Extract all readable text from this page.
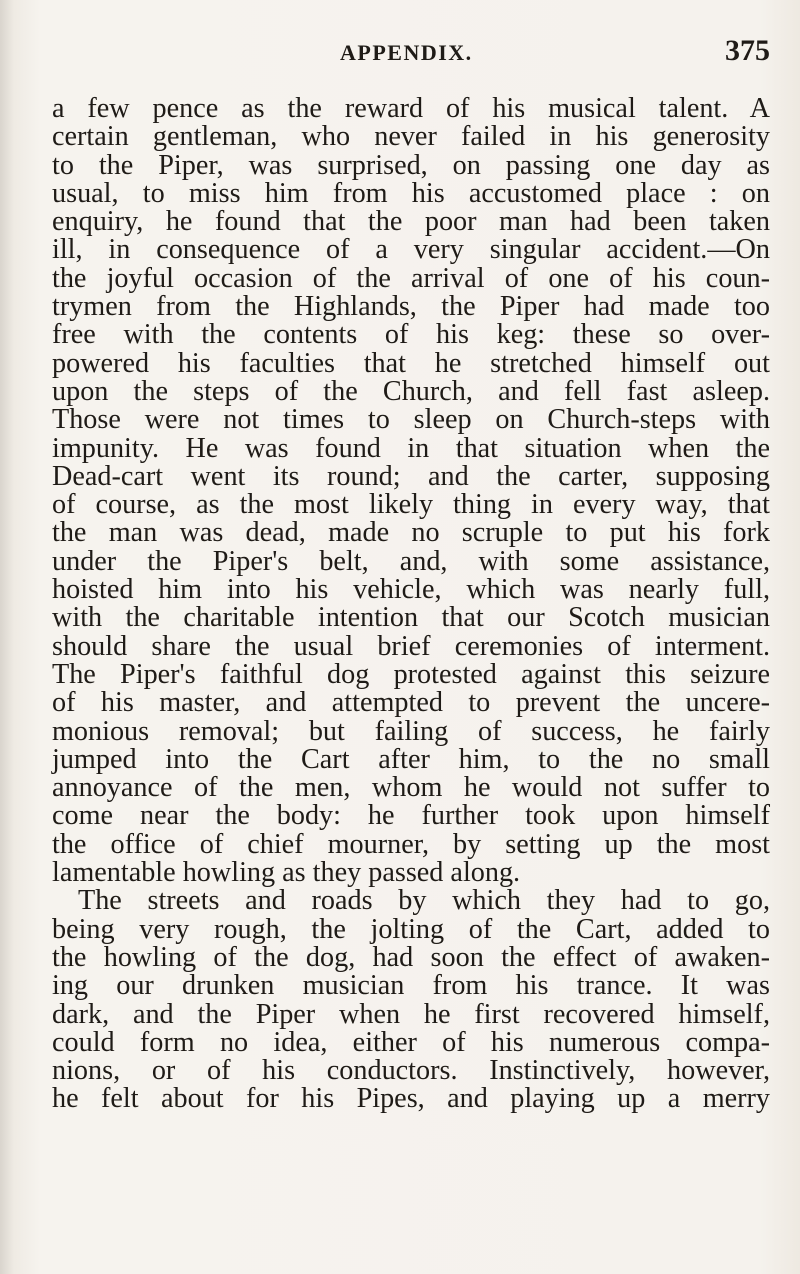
APPENDIX.	375
a few pence as the reward of his musical talent. A
certain gentleman, who never failed in his generosity
to the Piper, was surprised, on passing one day as
usual, to miss him from his accustomed place : on
enquiry, he found that the poor man had been taken
ill, in consequence of a very singular accident.—On
the joyful occasion of the arrival of one of his coun-
trymen from the Highlands, the Piper had made too
free with the contents of his keg: these so over-
powered his faculties that he stretched himself out
upon the steps of the Church, and fell fast asleep.
Those were not times to sleep on Church-steps with
impunity. He was found in that situation when the
Dead-cart went its round; and the carter, supposing
of course, as the most likely thing in every way, that
the man was dead, made no scruple to put his fork
under the Piper's belt, and, with some assistance,
hoisted him into his vehicle, which was nearly full,
with the charitable intention that our Scotch musician
should share the usual brief ceremonies of interment.
The Piper's faithful dog protested against this seizure
of his master, and attempted to prevent the uncere-
monious removal; but failing of success, he fairly
jumped into the Cart after him, to the no small
annoyance of the men, whom he would not suffer to
come near the body: he further took upon himself
the office of chief mourner, by setting up the most
lamentable howling as they passed along.
The streets and roads by which they had to go,
being very rough, the jolting of the Cart, added to
the howling of the dog, had soon the effect of awaken-
ing our drunken musician from his trance. It was
dark, and the Piper when he first recovered himself,
could form no idea, either of his numerous compa-
nions, or of his conductors. Instinctively, however,
he felt about for his Pipes, and playing up a merry
